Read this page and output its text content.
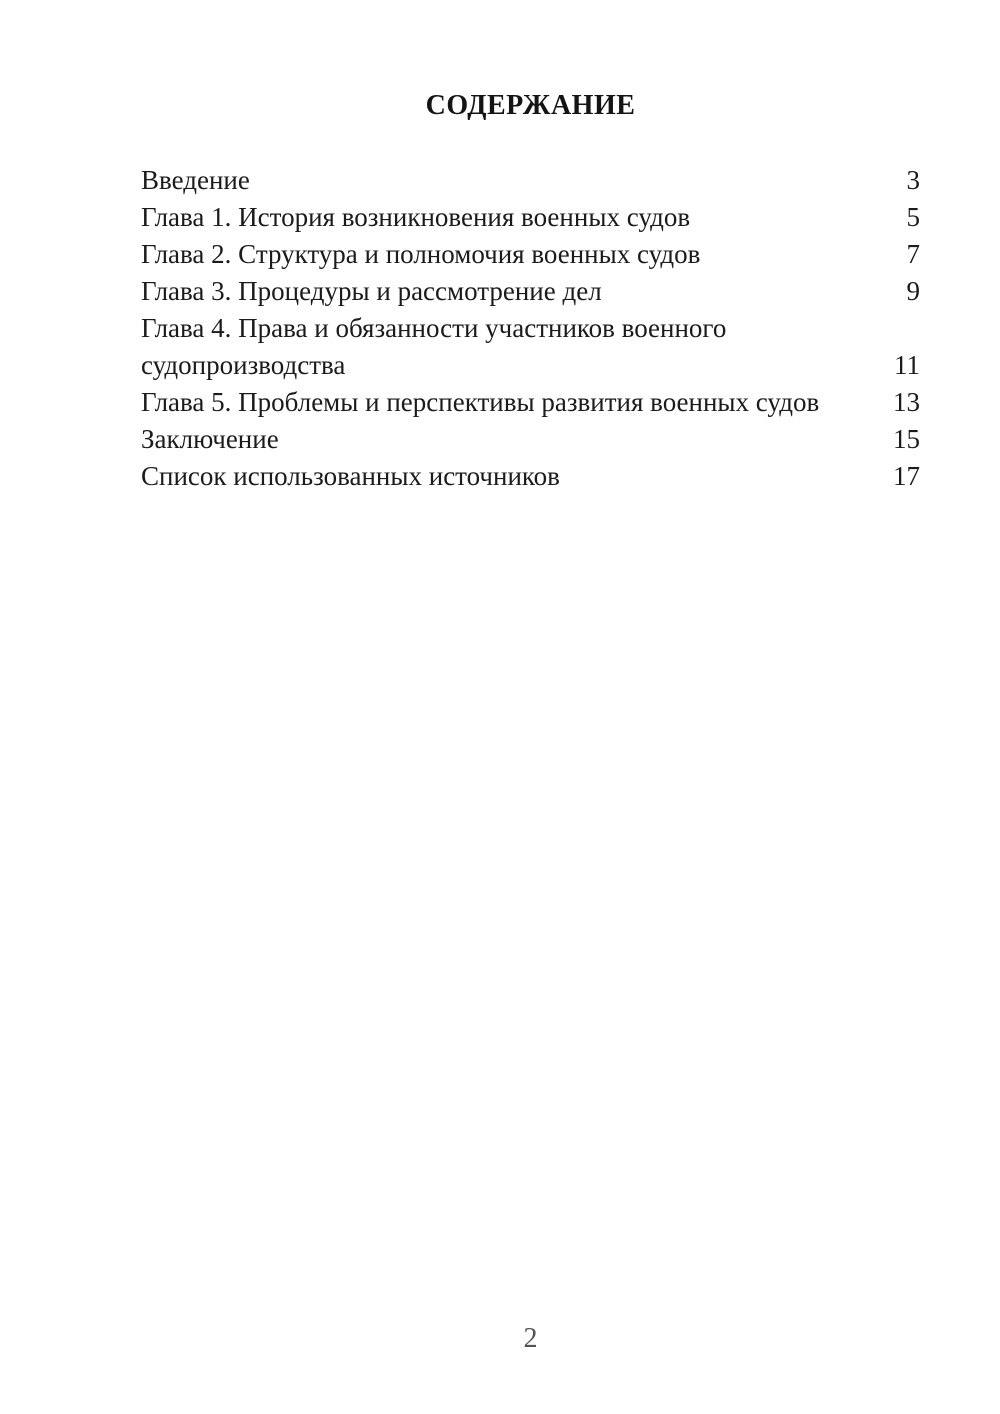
СОДЕРЖАНИЕ
Введение	3
Глава 1. История возникновения военных судов	5
Глава 2. Структура и полномочия военных судов	7
Глава 3. Процедуры и рассмотрение дел	9
Глава 4. Права и обязанности участников военного судопроизводства	11
Глава 5. Проблемы и перспективы развития военных судов	13
Заключение	15
Список использованных источников	17
2
